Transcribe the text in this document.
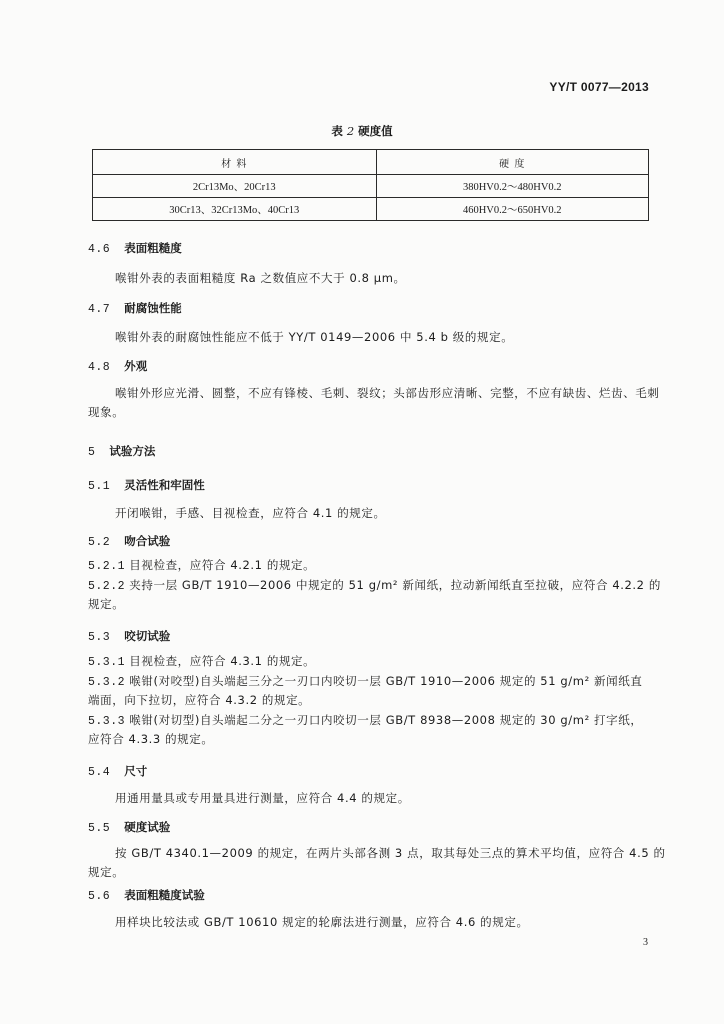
YY/T 0077—2013
表 2 硬度值
材 料	硬 度
2Cr13Mo、20Cr13	380HV0.2～480HV0.2
30Cr13、32Cr13Mo、40Cr13	460HV0.2～650HV0.2
4.6 表面粗糙度
喉钳外表的表面粗糙度 Ra 之数值应不大于 0.8 μm。
4.7 耐腐蚀性能
喉钳外表的耐腐蚀性能应不低于 YY/T 0149—2006 中 5.4 b 级的规定。
4.8 外观
喉钳外形应光滑、圆整，不应有锋棱、毛刺、裂纹；头部齿形应清晰、完整，不应有缺齿、烂齿、毛刺
现象。
5 试验方法
5.1 灵活性和牢固性
开闭喉钳，手感、目视检查，应符合 4.1 的规定。
5.2 吻合试验
5.2.1 目视检查，应符合 4.2.1 的规定。
5.2.2 夹持一层 GB/T 1910—2006 中规定的 51 g/m² 新闻纸，拉动新闻纸直至拉破，应符合 4.2.2 的
规定。
5.3 咬切试验
5.3.1 目视检查，应符合 4.3.1 的规定。
5.3.2 喉钳(对咬型)自头端起三分之一刃口内咬切一层 GB/T 1910—2006 规定的 51 g/m² 新闻纸直
端面，向下拉切，应符合 4.3.2 的规定。
5.3.3 喉钳(对切型)自头端起二分之一刃口内咬切一层 GB/T 8938—2008 规定的 30 g/m² 打字纸，
应符合 4.3.3 的规定。
5.4 尺寸
用通用量具或专用量具进行测量，应符合 4.4 的规定。
5.5 硬度试验
按 GB/T 4340.1—2009 的规定，在两片头部各测 3 点，取其每处三点的算术平均值，应符合 4.5 的
规定。
5.6 表面粗糙度试验
用样块比较法或 GB/T 10610 规定的轮廓法进行测量，应符合 4.6 的规定。
3
